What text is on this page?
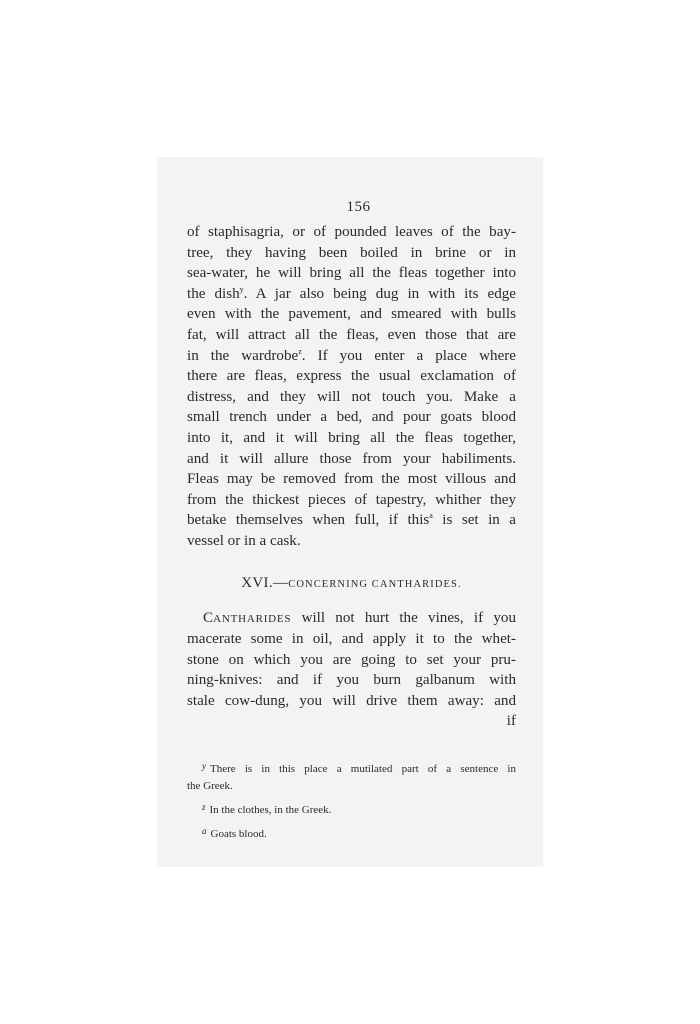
156
of staphisagria, or of pounded leaves of the bay-
tree, they having been boiled in brine or in
sea-water, he will bring all the fleas together into
the dish$^y$. A jar also being dug in with its edge
even with the pavement, and smeared with bulls
fat, will attract all the fleas, even those that are
in the wardrobe$^z$. If you enter a place where
there are fleas, express the usual exclamation of
distress, and they will not touch you. Make a
small trench under a bed, and pour goats blood
into it, and it will bring all the fleas together,
and it will allure those from your habiliments.
Fleas may be removed from the most villous and
from the thickest pieces of tapestry, whither they
betake themselves when full, if this$^a$ is set in a
vessel or in a cask.
XVI.—CONCERNING CANTHARIDES.
CANTHARIDES will not hurt the vines, if you
macerate some in oil, and apply it to the whet-
stone on which you are going to set your pru-
ning-knives: and if you burn galbanum with
stale cow-dung, you will drive them away: and
if
$^y$ There is in this place a mutilated part of a sentence in
the Greek.
$^z$ In the clothes, in the Greek.
$^a$ Goats blood.
